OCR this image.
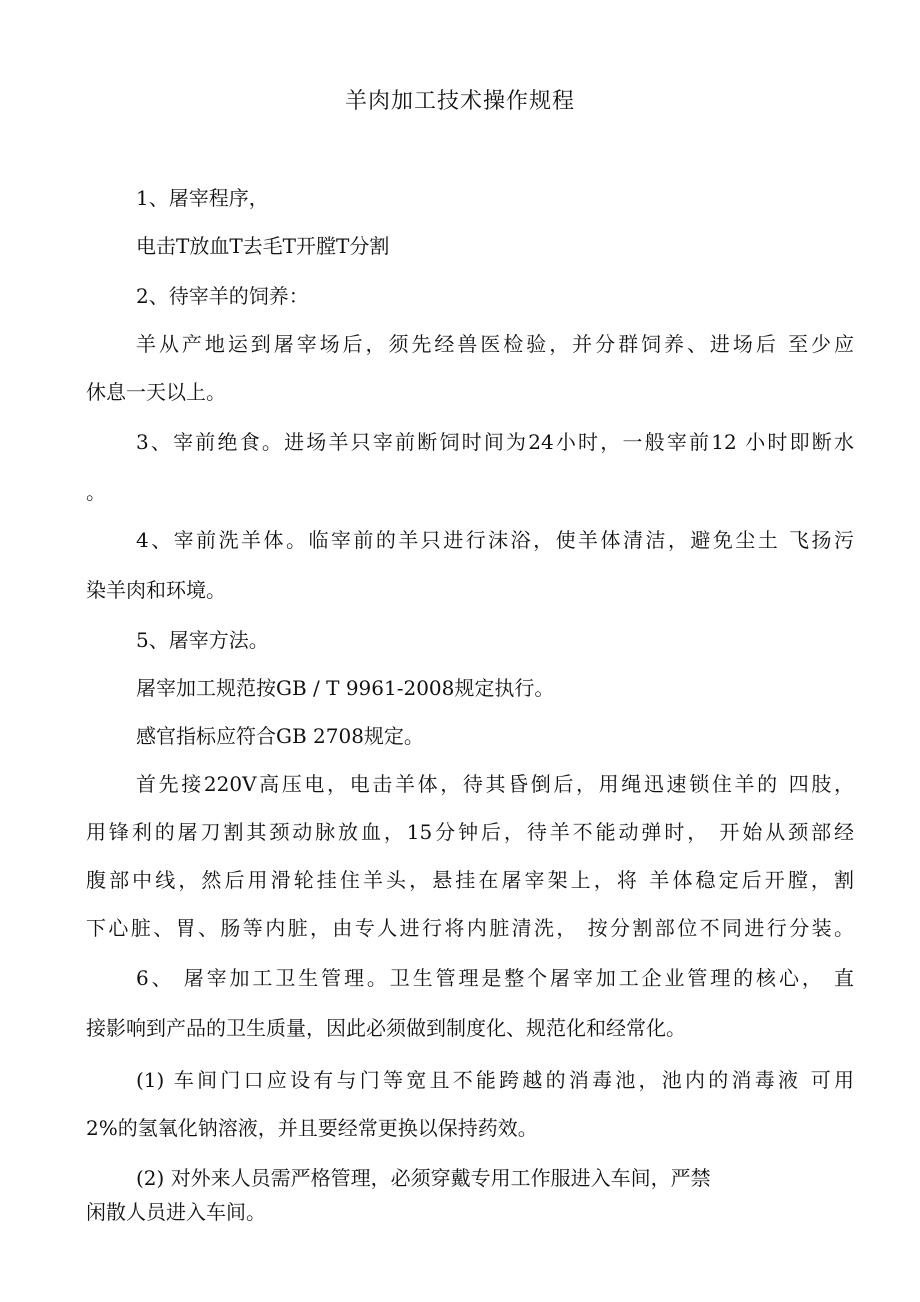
羊肉加工技术操作规程

1、屠宰程序，

电击T放血T去毛T开膛T分割

2、待宰羊的饲养：

羊从产地运到屠宰场后，须先经兽医检验，并分群饲养、进场后 至少应

休息一天以上。

3、宰前绝食。进场羊只宰前断饲时间为24小时，一般宰前12 小时即断水

。

4、宰前洗羊体。临宰前的羊只进行沫浴，使羊体清洁，避免尘土 飞扬污

染羊肉和环境。

5、屠宰方法。

屠宰加工规范按GB / T 9961-2008规定执行。

感官指标应符合GB 2708规定。

首先接220V高压电，电击羊体，待其昏倒后，用绳迅速锁住羊的 四肢，

用锋利的屠刀割其颈动脉放血，15分钟后，待羊不能动弹时， 开始从颈部经

腹部中线，然后用滑轮挂住羊头，悬挂在屠宰架上，将 羊体稳定后开膛，割

下心脏、胃、肠等内脏，由专人进行将内脏清洗， 按分割部位不同进行分装。

6、 屠宰加工卫生管理。卫生管理是整个屠宰加工企业管理的核心， 直

接影响到产品的卫生质量，因此必须做到制度化、规范化和经常化。

(1) 车间门口应设有与门等宽且不能跨越的消毒池，池内的消毒液 可用

2%的氢氧化钠溶液，并且要经常更换以保持药效。

(2) 对外来人员需严格管理，必须穿戴专用工作服进入车间，严禁

闲散人员进入车间。
